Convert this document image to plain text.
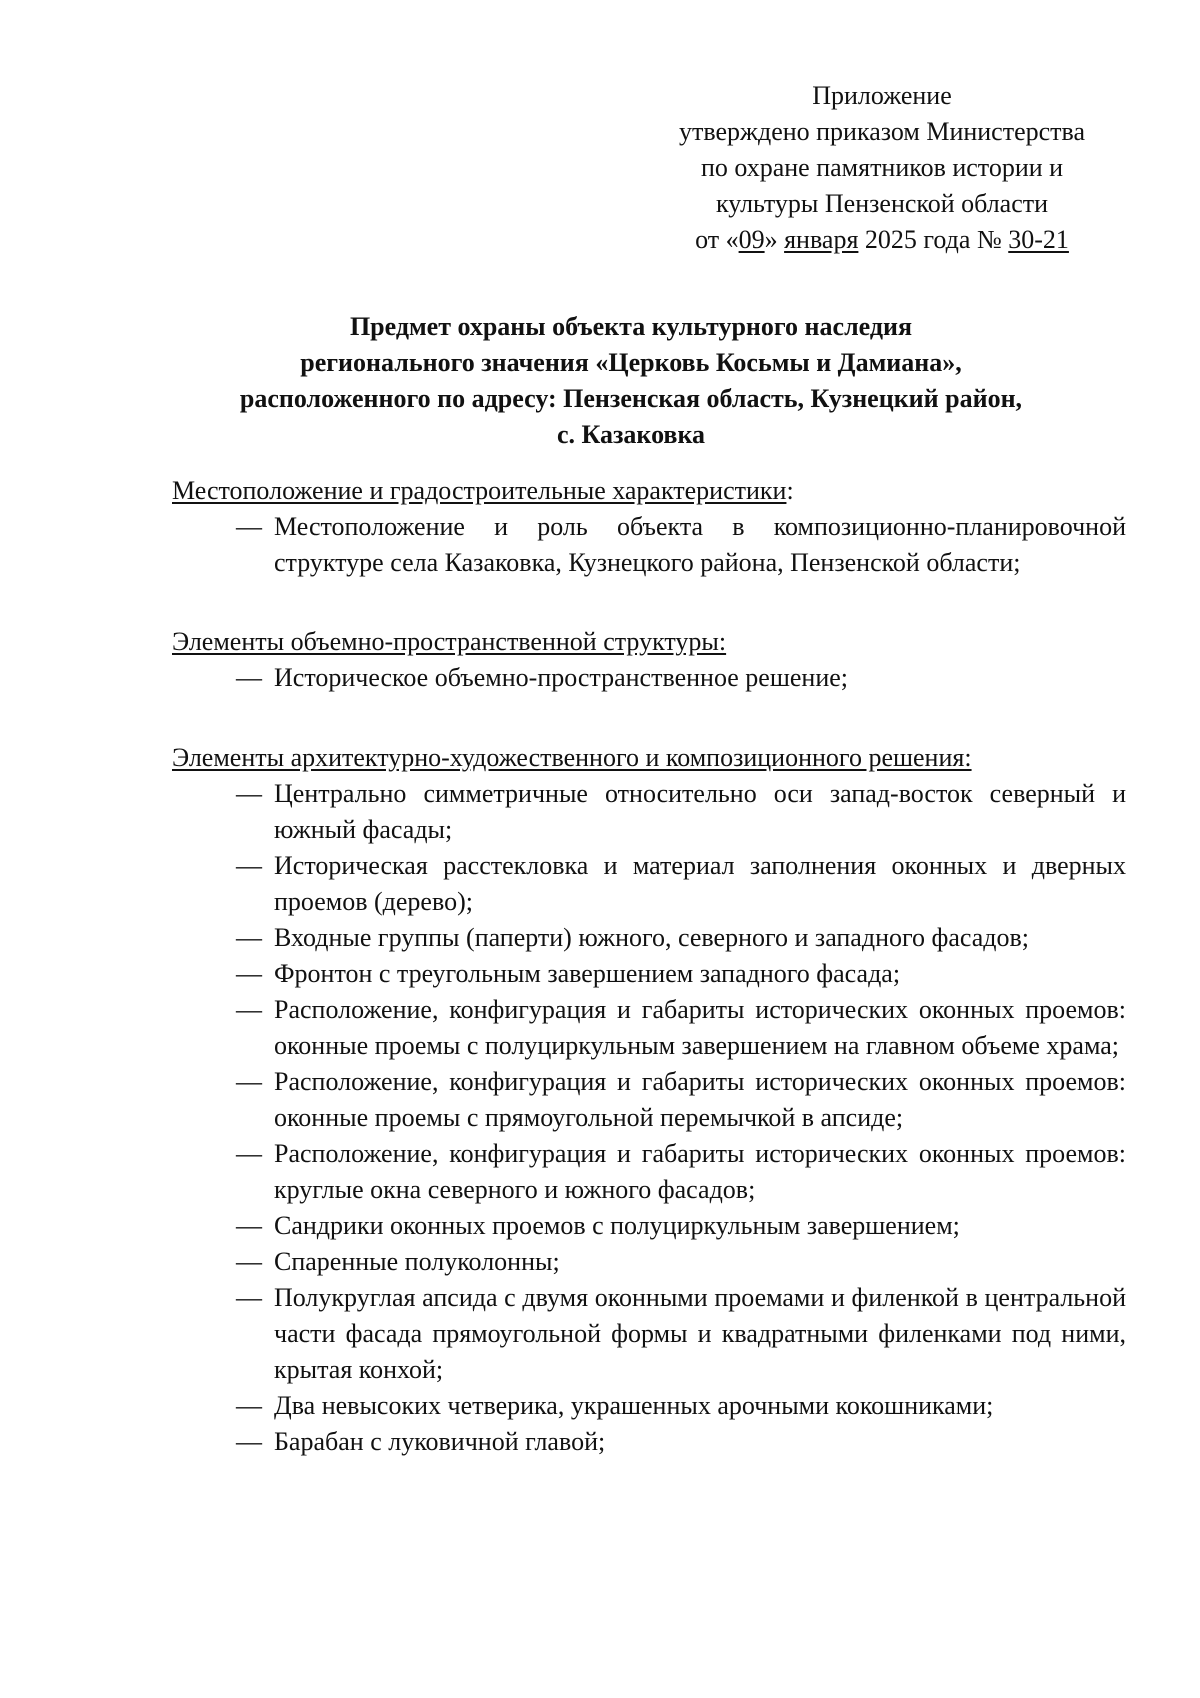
Приложение
утверждено приказом Министерства
по охране памятников истории и
культуры Пензенской области
от «09» января 2025 года № 30-21
Предмет охраны объекта культурного наследия
регионального значения «Церковь Косьмы и Дамиана»,
расположенного по адресу: Пензенская область, Кузнецкий район,
с. Казаковка
Местоположение и градостроительные характеристики:
— Местоположение и роль объекта в композиционно-планировочной структуре села Казаковка, Кузнецкого района, Пензенской области;
Элементы объемно-пространственной структуры:
— Историческое объемно-пространственное решение;
Элементы архитектурно-художественного и композиционного решения:
— Центрально симметричные относительно оси запад-восток северный и южный фасады;
— Историческая расстекловка и материал заполнения оконных и дверных проемов (дерево);
— Входные группы (паперти) южного, северного и западного фасадов;
— Фронтон с треугольным завершением западного фасада;
— Расположение, конфигурация и габариты исторических оконных проемов: оконные проемы с полуциркульным завершением на главном объеме храма;
— Расположение, конфигурация и габариты исторических оконных проемов: оконные проемы с прямоугольной перемычкой в апсиде;
— Расположение, конфигурация и габариты исторических оконных проемов: круглые окна северного и южного фасадов;
— Сандрики оконных проемов с полуциркульным завершением;
— Спаренные полуколонны;
— Полукруглая апсида с двумя оконными проемами и филенкой в центральной части фасада прямоугольной формы и квадратными филенками под ними, крытая конхой;
— Два невысоких четверика, украшенных арочными кокошниками;
— Барабан с луковичной главой;
